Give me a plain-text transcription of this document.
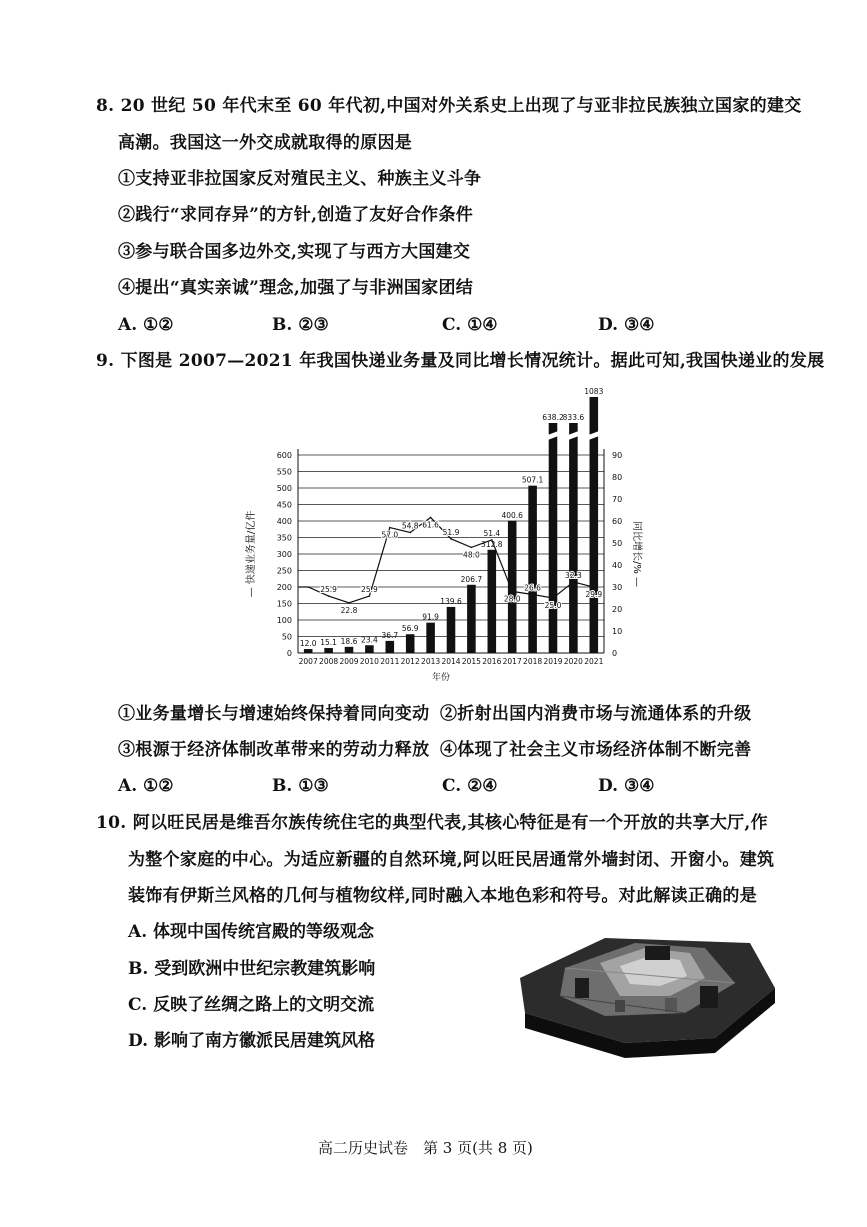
8. 20 世纪 50 年代末至 60 年代初,中国对外关系史上出现了与亚非拉民族独立国家的建交
高潮。我国这一外交成就取得的原因是
①支持亚非拉国家反对殖民主义、种族主义斗争
②践行“求同存异”的方针,创造了友好合作条件
③参与联合国多边外交,实现了与西方大国建交
④提出“真实亲诚”理念,加强了与非洲国家团结
A. ①②	B. ②③	C. ①④	D. ③④
9. 下图是 2007—2021 年我国快递业务量及同比增长情况统计。据此可知,我国快递业的发展
12.0 15.1 18.6 23.4 36.7
56.9
91.9
139.6
206.7
312.8
400.6
507.1
638.2
833.6
1083
25.9
22.8
25.9
57.0
54.8 61.6
51.9
48.0
51.4
28.0
26.6
25.0
32.3
29.9
0
50
100
150
200
250
300
350
400
450
500
550
600
0
10
20
30
40
50
60
70
80
90
2007 2008 2009 2010 2011 2012 2013 2014 2015 2016 2017 2018 2019 2020 2021
年份
— 快递业务量/亿件	同比增长/% —
①业务量增长与增速始终保持着同向变动 ②折射出国内消费市场与流通体系的升级
③根源于经济体制改革带来的劳动力释放 ④体现了社会主义市场经济体制不断完善
A. ①②	B. ①③	C. ②④	D. ③④
10. 阿以旺民居是维吾尔族传统住宅的典型代表,其核心特征是有一个开放的共享大厅,作
为整个家庭的中心。为适应新疆的自然环境,阿以旺民居通常外墙封闭、开窗小。建筑
装饰有伊斯兰风格的几何与植物纹样,同时融入本地色彩和符号。对此解读正确的是
A. 体现中国传统宫殿的等级观念
B. 受到欧洲中世纪宗教建筑影响
C. 反映了丝绸之路上的文明交流
D. 影响了南方徽派民居建筑风格
高二历史试卷　第 3 页(共 8 页)
